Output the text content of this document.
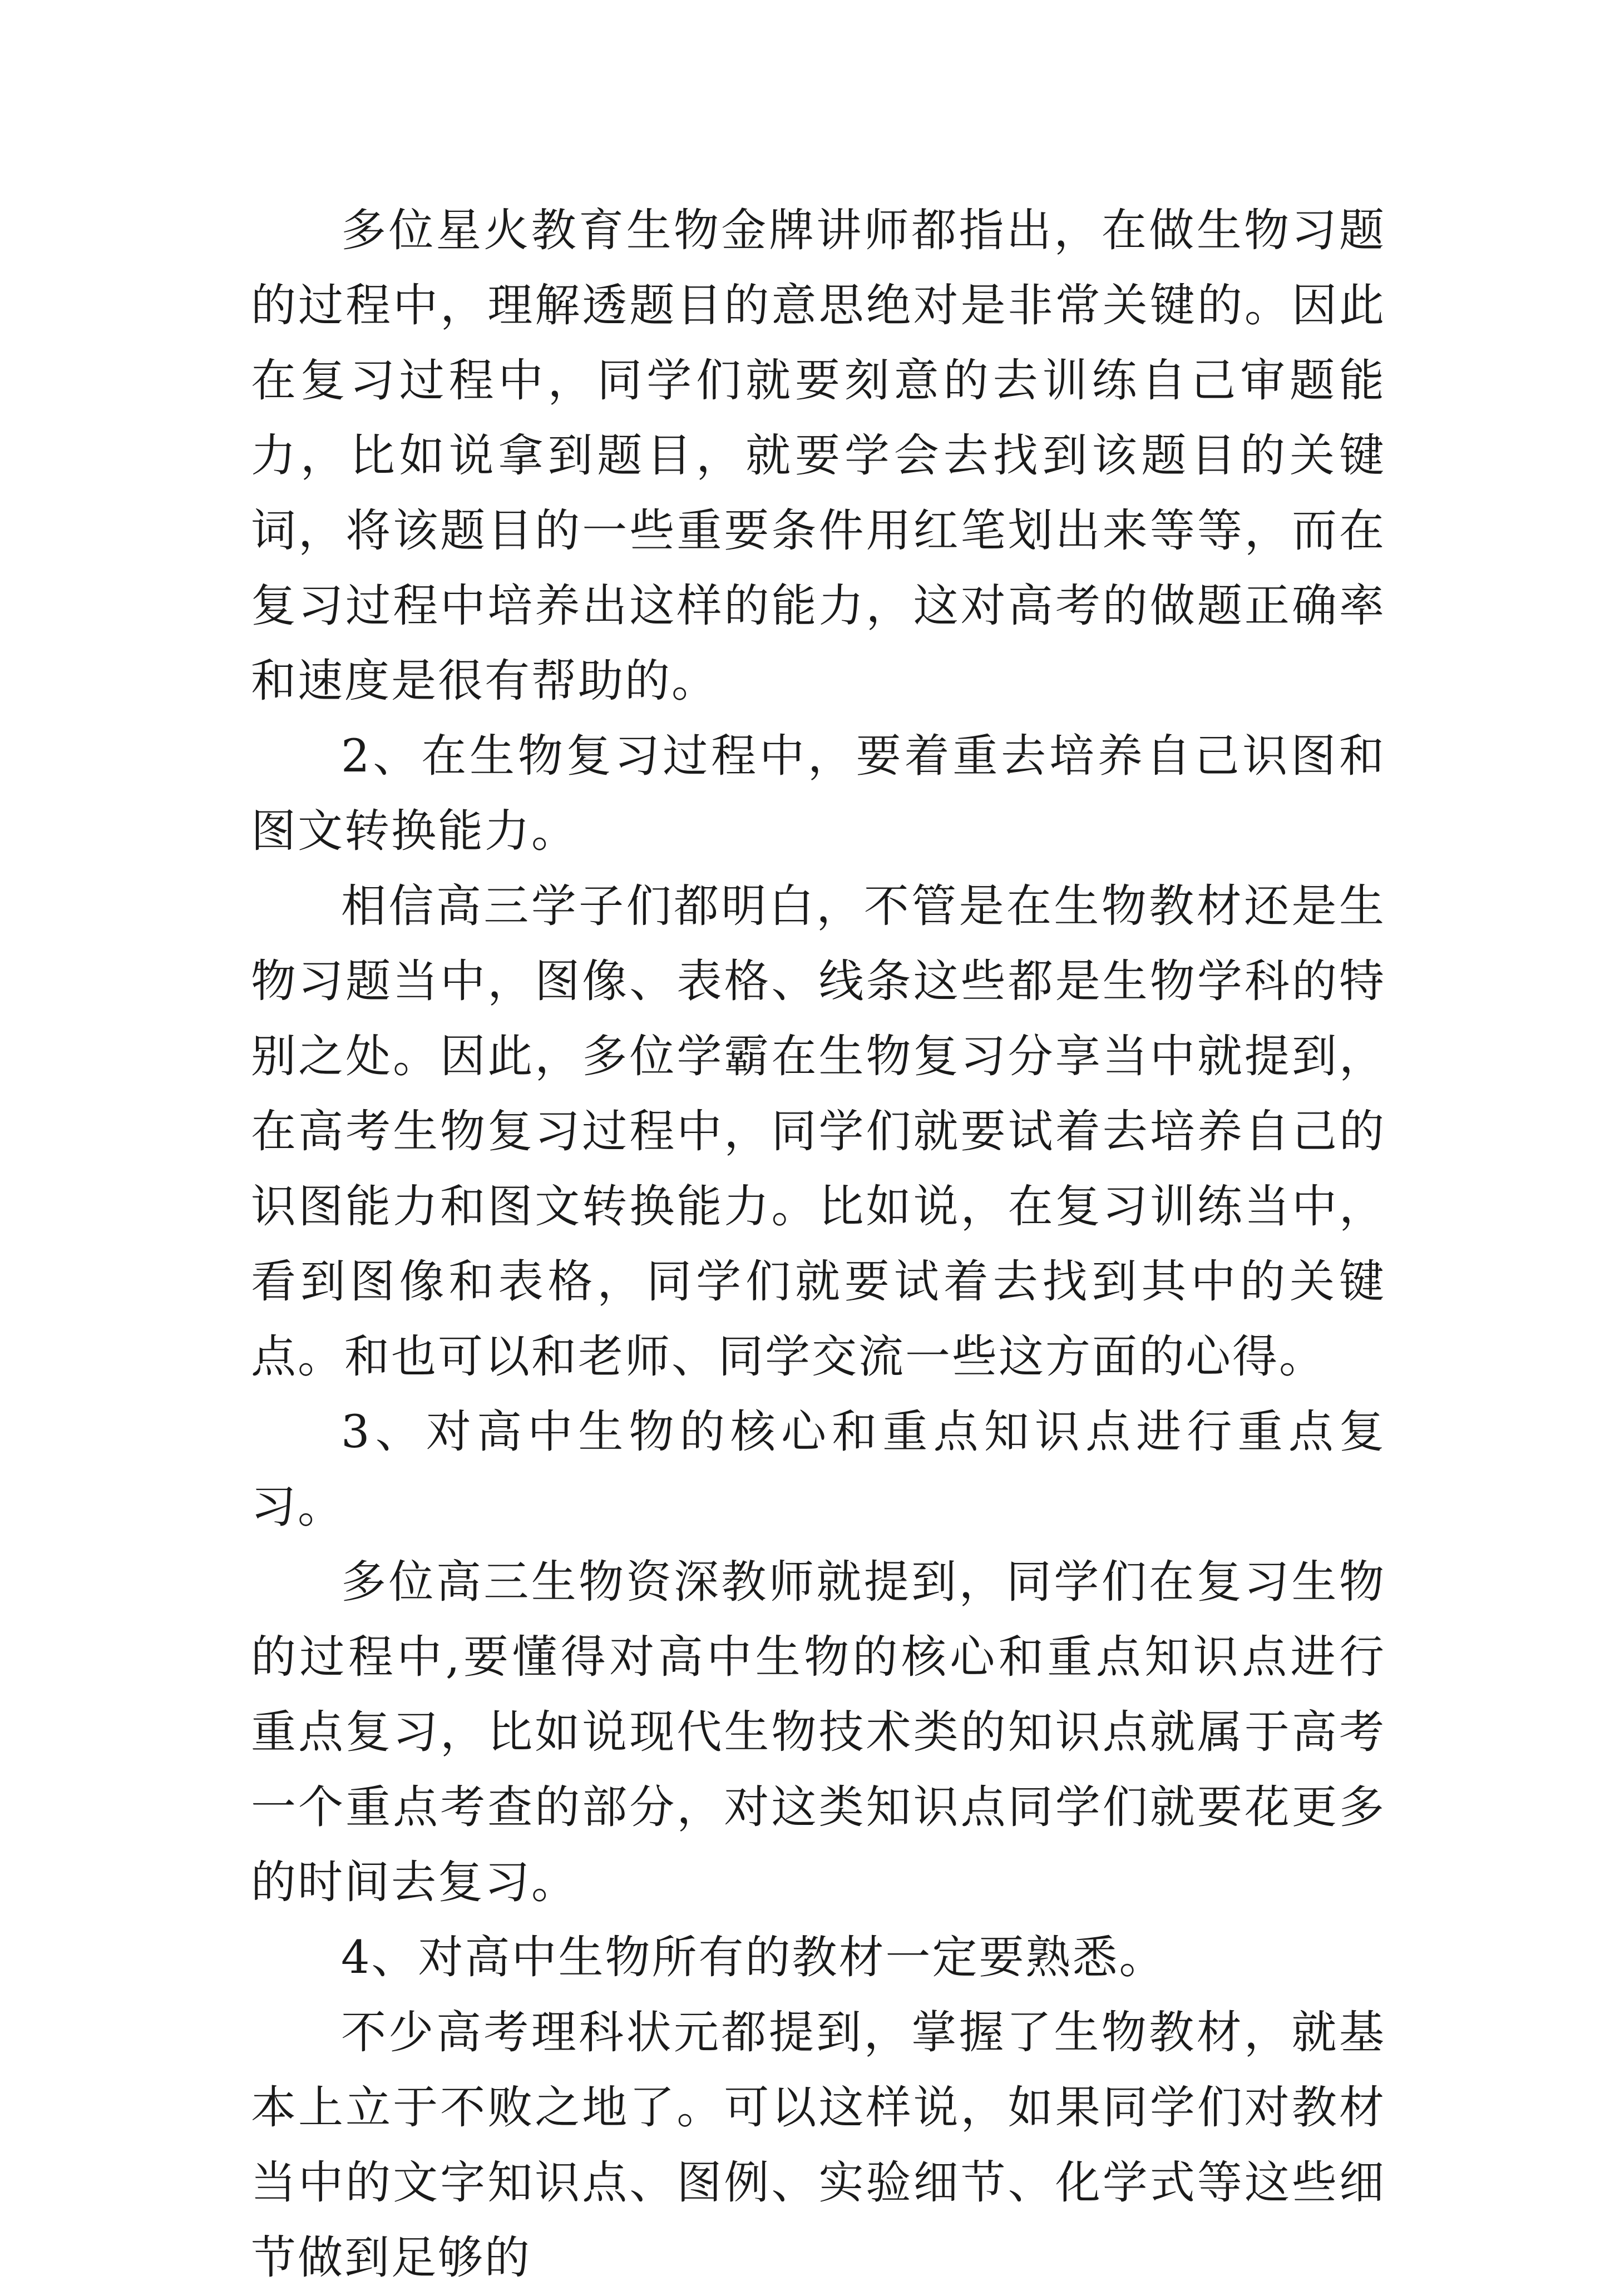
多位星火教育生物金牌讲师都指出，在做生物习题的过程中，理解透题目的意思绝对是非常关键的。因此在复习过程中，同学们就要刻意的去训练自己审题能力，比如说拿到题目，就要学会去找到该题目的关键词，将该题目的一些重要条件用红笔划出来等等，而在复习过程中培养出这样的能力，这对高考的做题正确率和速度是很有帮助的。

2、在生物复习过程中，要着重去培养自己识图和图文转换能力。

相信高三学子们都明白，不管是在生物教材还是生物习题当中，图像、表格、线条这些都是生物学科的特别之处。因此，多位学霸在生物复习分享当中就提到，在高考生物复习过程中，同学们就要试着去培养自己的识图能力和图文转换能力。比如说，在复习训练当中，看到图像和表格，同学们就要试着去找到其中的关键点。和也可以和老师、同学交流一些这方面的心得。

3、对高中生物的核心和重点知识点进行重点复习。

多位高三生物资深教师就提到，同学们在复习生物的过程中,要懂得对高中生物的核心和重点知识点进行重点复习，比如说现代生物技术类的知识点就属于高考一个重点考查的部分，对这类知识点同学们就要花更多的时间去复习。

4、对高中生物所有的教材一定要熟悉。

不少高考理科状元都提到，掌握了生物教材，就基本上立于不败之地了。可以这样说，如果同学们对教材当中的文字知识点、图例、实验细节、化学式等这些细节做到足够的
